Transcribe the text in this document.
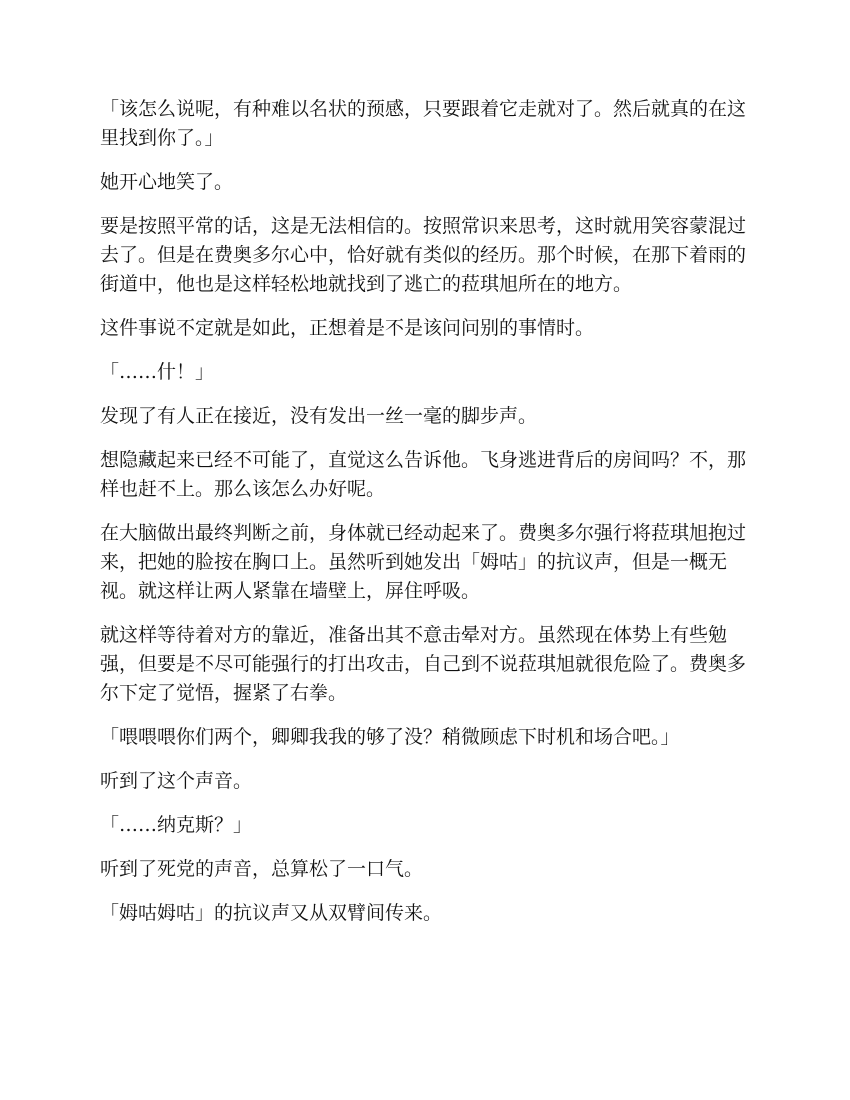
「该怎么说呢，有种难以名状的预感，只要跟着它走就对了。然后就真的在这里找到你了。」

她开心地笑了。

要是按照平常的话，这是无法相信的。按照常识来思考，这时就用笑容蒙混过去了。但是在费奥多尔心中，恰好就有类似的经历。那个时候，在那下着雨的街道中，他也是这样轻松地就找到了逃亡的菈琪旭所在的地方。

这件事说不定就是如此，正想着是不是该问问别的事情时。

「……什！」

发现了有人正在接近，没有发出一丝一毫的脚步声。

想隐藏起来已经不可能了，直觉这么告诉他。飞身逃进背后的房间吗？不，那样也赶不上。那么该怎么办好呢。

在大脑做出最终判断之前，身体就已经动起来了。费奥多尔强行将菈琪旭抱过来，把她的脸按在胸口上。虽然听到她发出「姆咕」的抗议声，但是一概无视。就这样让两人紧靠在墙壁上，屏住呼吸。

就这样等待着对方的靠近，准备出其不意击晕对方。虽然现在体势上有些勉强，但要是不尽可能强行的打出攻击，自己到不说菈琪旭就很危险了。费奥多尔下定了觉悟，握紧了右拳。

「喂喂喂你们两个，卿卿我我的够了没？稍微顾虑下时机和场合吧。」

听到了这个声音。

「……纳克斯？」

听到了死党的声音，总算松了一口气。

「姆咕姆咕」的抗议声又从双臂间传来。
